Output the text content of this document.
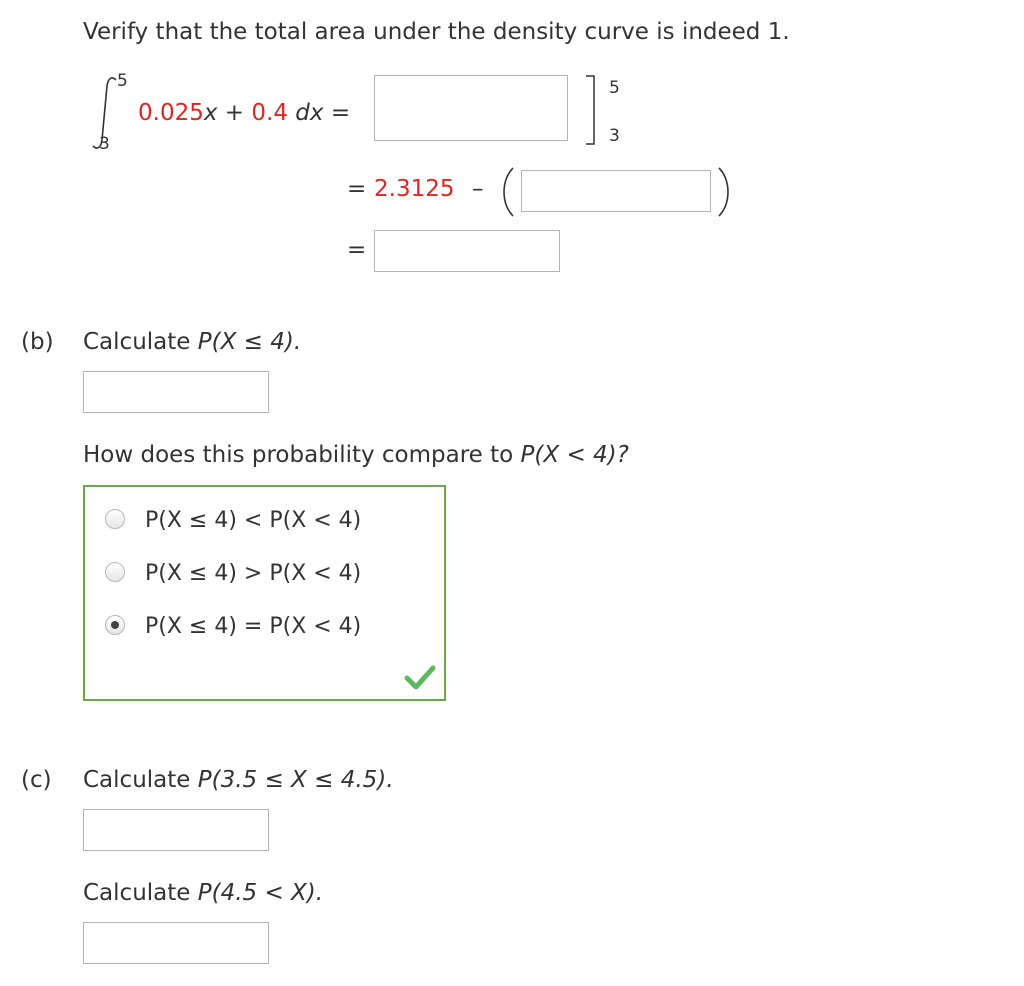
Verify that the total area under the density curve is indeed 1.
5
3
0.025x + 0.4 dx =
5
3
= 2.3125 –
=
(b) Calculate P(X ≤ 4).
How does this probability compare to P(X < 4)?
P(X ≤ 4) < P(X < 4)
P(X ≤ 4) > P(X < 4)
P(X ≤ 4) = P(X < 4)
(c) Calculate P(3.5 ≤ X ≤ 4.5).
Calculate P(4.5 < X).
